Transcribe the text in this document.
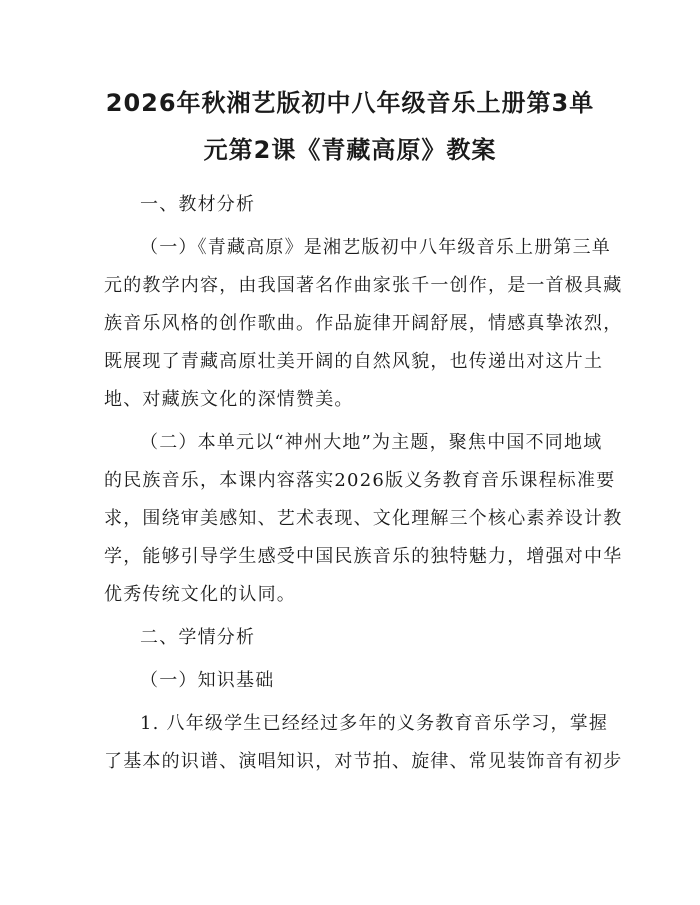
2026年秋湘艺版初中八年级音乐上册第3单
元第2课《青藏高原》教案
一、教材分析
（一）《青藏高原》是湘艺版初中八年级音乐上册第三单
元的教学内容，由我国著名作曲家张千一创作，是一首极具藏
族音乐风格的创作歌曲。作品旋律开阔舒展，情感真挚浓烈，
既展现了青藏高原壮美开阔的自然风貌，也传递出对这片土
地、对藏族文化的深情赞美。
（二）本单元以“神州大地”为主题，聚焦中国不同地域
的民族音乐，本课内容落实2026版义务教育音乐课程标准要
求，围绕审美感知、艺术表现、文化理解三个核心素养设计教
学，能够引导学生感受中国民族音乐的独特魅力，增强对中华
优秀传统文化的认同。
二、学情分析
（一）知识基础
1. 八年级学生已经经过多年的义务教育音乐学习，掌握
了基本的识谱、演唱知识，对节拍、旋律、常见装饰音有初步
